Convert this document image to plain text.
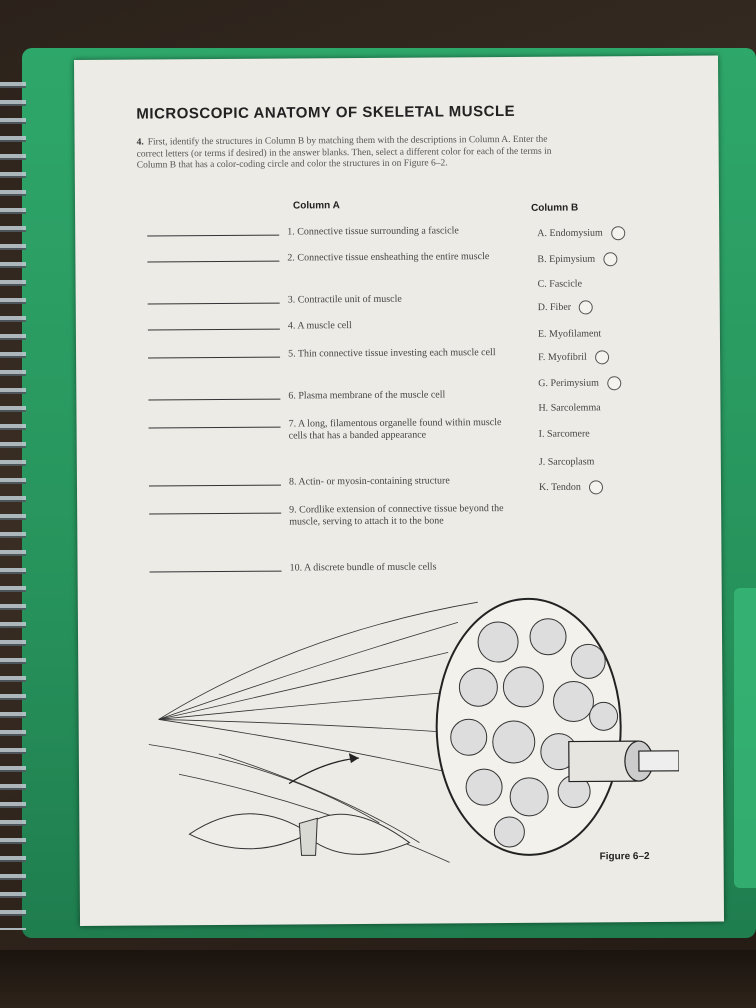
MICROSCOPIC ANATOMY OF SKELETAL MUSCLE
4. First, identify the structures in Column B by matching them with the descriptions in Column A. Enter the correct letters (or terms if desired) in the answer blanks. Then, select a different color for each of the terms in Column B that has a color-coding circle and color the structures in on Figure 6–2.
Column A	Column B
1. Connective tissue surrounding a fascicle
2. Connective tissue ensheathing the entire muscle
3. Contractile unit of muscle
4. A muscle cell
5. Thin connective tissue investing each muscle cell
6. Plasma membrane of the muscle cell
7. A long, filamentous organelle found within muscle cells that has a banded appearance
8. Actin- or myosin-containing structure
9. Cordlike extension of connective tissue beyond the muscle, serving to attach it to the bone
10. A discrete bundle of muscle cells
A. Endomysium
B. Epimysium
C. Fascicle
D. Fiber
E. Myofilament
F. Myofibril
G. Perimysium
H. Sarcolemma
I. Sarcomere
J. Sarcoplasm
K. Tendon
Figure 6–2
